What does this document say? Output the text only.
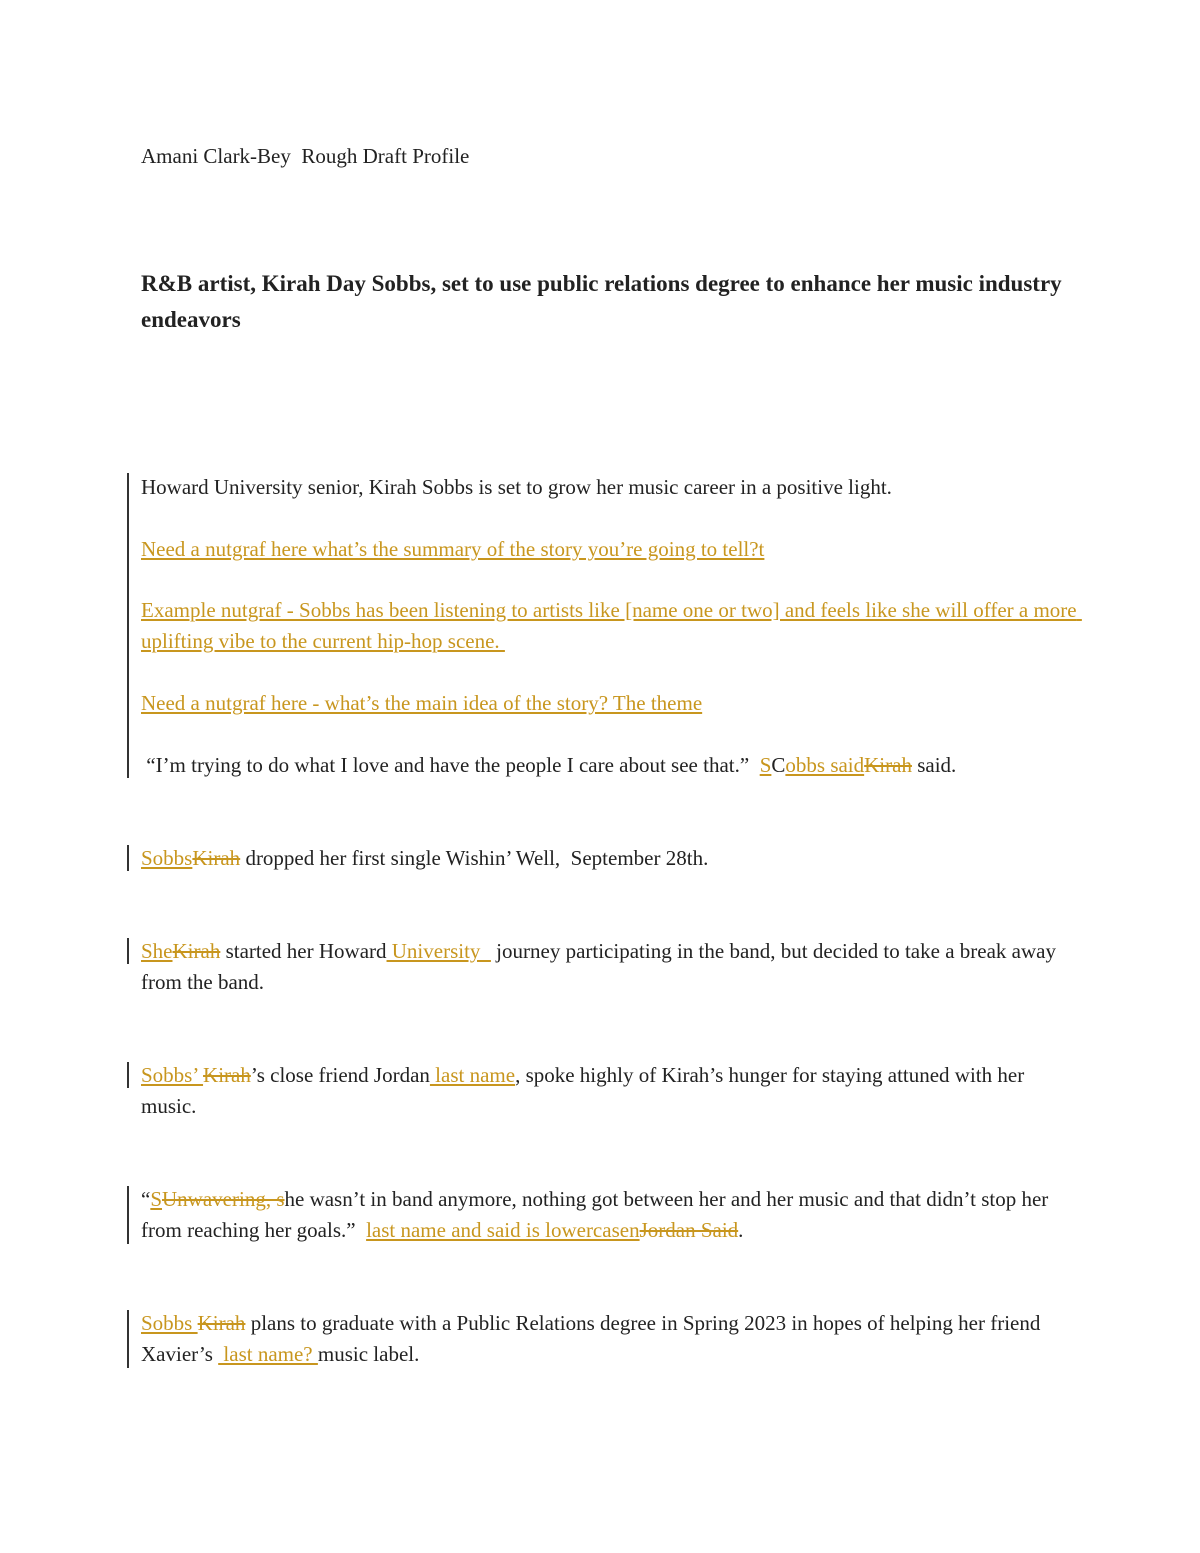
Amani Clark-Bey  Rough Draft Profile
R&B artist, Kirah Day Sobbs, set to use public relations degree to enhance her music industry endeavors
Howard University senior, Kirah Sobbs is set to grow her music career in a positive light.
Need a nutgraf here what’s the summary of the story you’re going to tell?t
Example nutgraf - Sobbs has been listening to artists like [name one or two] and feels like she will offer a more uplifting vibe to the current hip-hop scene.
Need a nutgraf here - what’s the main idea of the story? The theme
“I’m trying to do what I love and have the people I care about see that.”  SCobbs saidKirah said.
SobbsKirah dropped her first single Wishin’ Well,  September 28th.
SheKirah started her Howard University   journey participating in the band, but decided to take a break away from the band.
Sobbs’ Kirah’s close friend Jordan last name, spoke highly of Kirah’s hunger for staying attuned with her music.
“SUnwavering, she wasn’t in band anymore, nothing got between her and her music and that didn’t stop her from reaching her goals.”  last name and said is lowercasenJordan Said.
Sobbs Kirah plans to graduate with a Public Relations degree in Spring 2023 in hopes of helping her friend Xavier’s  last name? music label.
